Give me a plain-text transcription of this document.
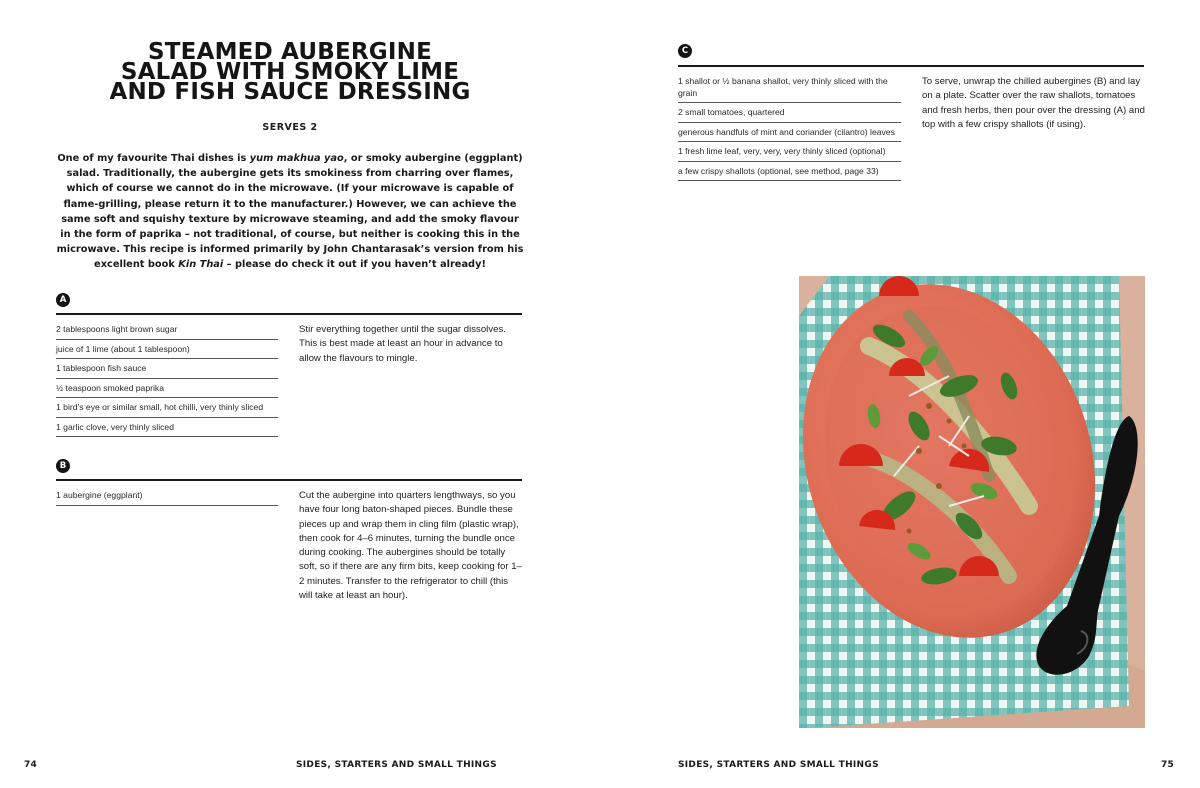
STEAMED AUBERGINE
SALAD WITH SMOKY LIME
AND FISH SAUCE DRESSING
SERVES 2

One of my favourite Thai dishes is yum makhua yao, or smoky aubergine (eggplant) salad. Traditionally, the aubergine gets its smokiness from charring over flames, which of course we cannot do in the microwave. (If your microwave is capable of flame-grilling, please return it to the manufacturer.) However, we can achieve the same soft and squishy texture by microwave steaming, and add the smoky flavour in the form of paprika – not traditional, of course, but neither is cooking this in the microwave. This recipe is informed primarily by John Chantarasak’s version from his excellent book Kin Thai – please do check it out if you haven’t already!

A
2 tablespoons light brown sugar
juice of 1 lime (about 1 tablespoon)
1 tablespoon fish sauce
½ teaspoon smoked paprika
1 bird’s eye or similar small, hot chilli, very thinly sliced
1 garlic clove, very thinly sliced

Stir everything together until the sugar dissolves. This is best made at least an hour in advance to allow the flavours to mingle.

B
1 aubergine (eggplant)	Cut the aubergine into quarters lengthways, so you have four long baton-shaped pieces. Bundle these pieces up and wrap them in cling film (plastic wrap), then cook for 4–6 minutes, turning the bundle once during cooking. The aubergines should be totally soft, so if there are any firm bits, keep cooking for 1–2 minutes. Transfer to the refrigerator to chill (this will take at least an hour).

74	SIDES, STARTERS AND SMALL THINGS
C
1 shallot or ½ banana shallot, very thinly sliced with the grain
2 small tomatoes, quartered
generous handfuls of mint and coriander (cilantro) leaves
1 fresh lime leaf, very, very, very thinly sliced (optional)
a few crispy shallots (optional, see method, page 33)

To serve, unwrap the chilled aubergines (B) and lay on a plate. Scatter over the raw shallots, tomatoes and fresh herbs, then pour over the dressing (A) and top with a few crispy shallots (if using).

SIDES, STARTERS AND SMALL THINGS	75
